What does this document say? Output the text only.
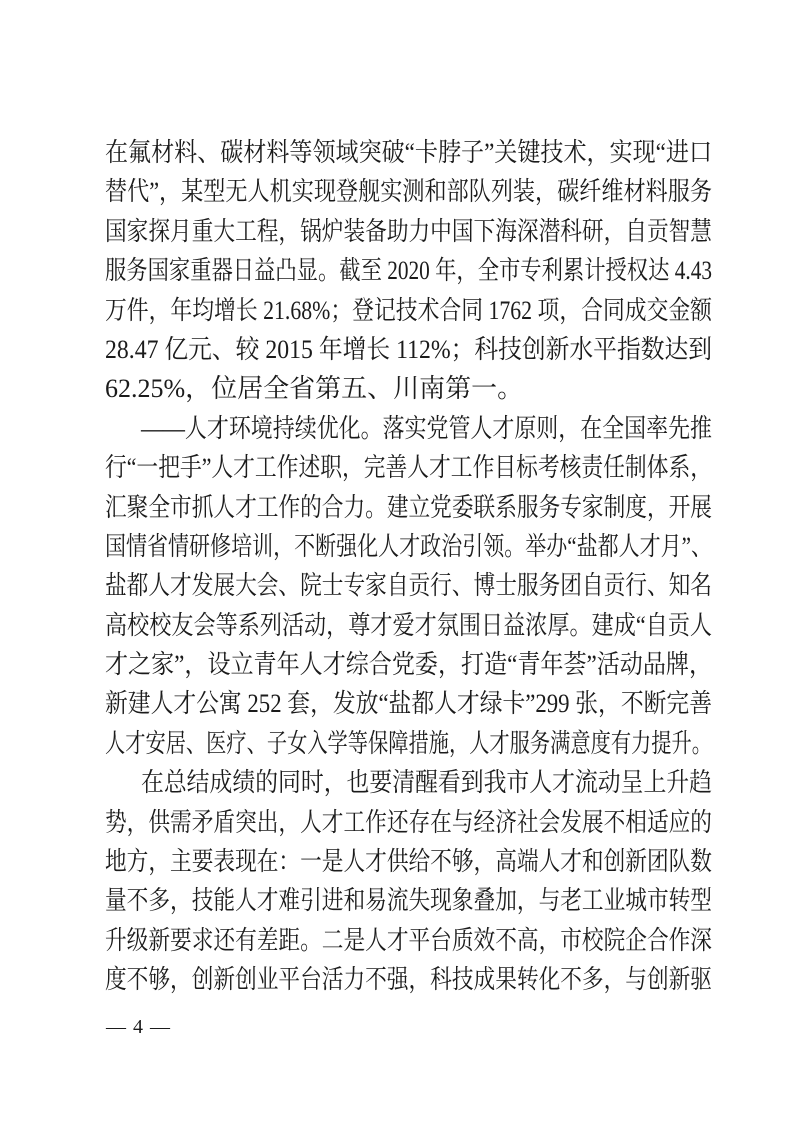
在氟材料、碳材料等领域突破“卡脖子”关键技术，实现“进口
替代”，某型无人机实现登舰实测和部队列装，碳纤维材料服务
国家探月重大工程，锅炉装备助力中国下海深潜科研，自贡智慧
服务国家重器日益凸显。截至 2020 年，全市专利累计授权达 4.43
万件，年均增长 21.68%；登记技术合同 1762 项，合同成交金额
28.47 亿元、较 2015 年增长 112%；科技创新水平指数达到
62.25%，位居全省第五、川南第一。
——人才环境持续优化。落实党管人才原则，在全国率先推
行“一把手”人才工作述职，完善人才工作目标考核责任制体系，
汇聚全市抓人才工作的合力。建立党委联系服务专家制度，开展
国情省情研修培训，不断强化人才政治引领。举办“盐都人才月”、
盐都人才发展大会、院士专家自贡行、博士服务团自贡行、知名
高校校友会等系列活动，尊才爱才氛围日益浓厚。建成“自贡人
才之家”，设立青年人才综合党委，打造“青年荟”活动品牌，
新建人才公寓 252 套，发放“盐都人才绿卡”299 张，不断完善
人才安居、医疗、子女入学等保障措施，人才服务满意度有力提升。
在总结成绩的同时，也要清醒看到我市人才流动呈上升趋
势，供需矛盾突出，人才工作还存在与经济社会发展不相适应的
地方，主要表现在：一是人才供给不够，高端人才和创新团队数
量不多，技能人才难引进和易流失现象叠加，与老工业城市转型
升级新要求还有差距。二是人才平台质效不高，市校院企合作深
度不够，创新创业平台活力不强，科技成果转化不多，与创新驱
— 4 —
